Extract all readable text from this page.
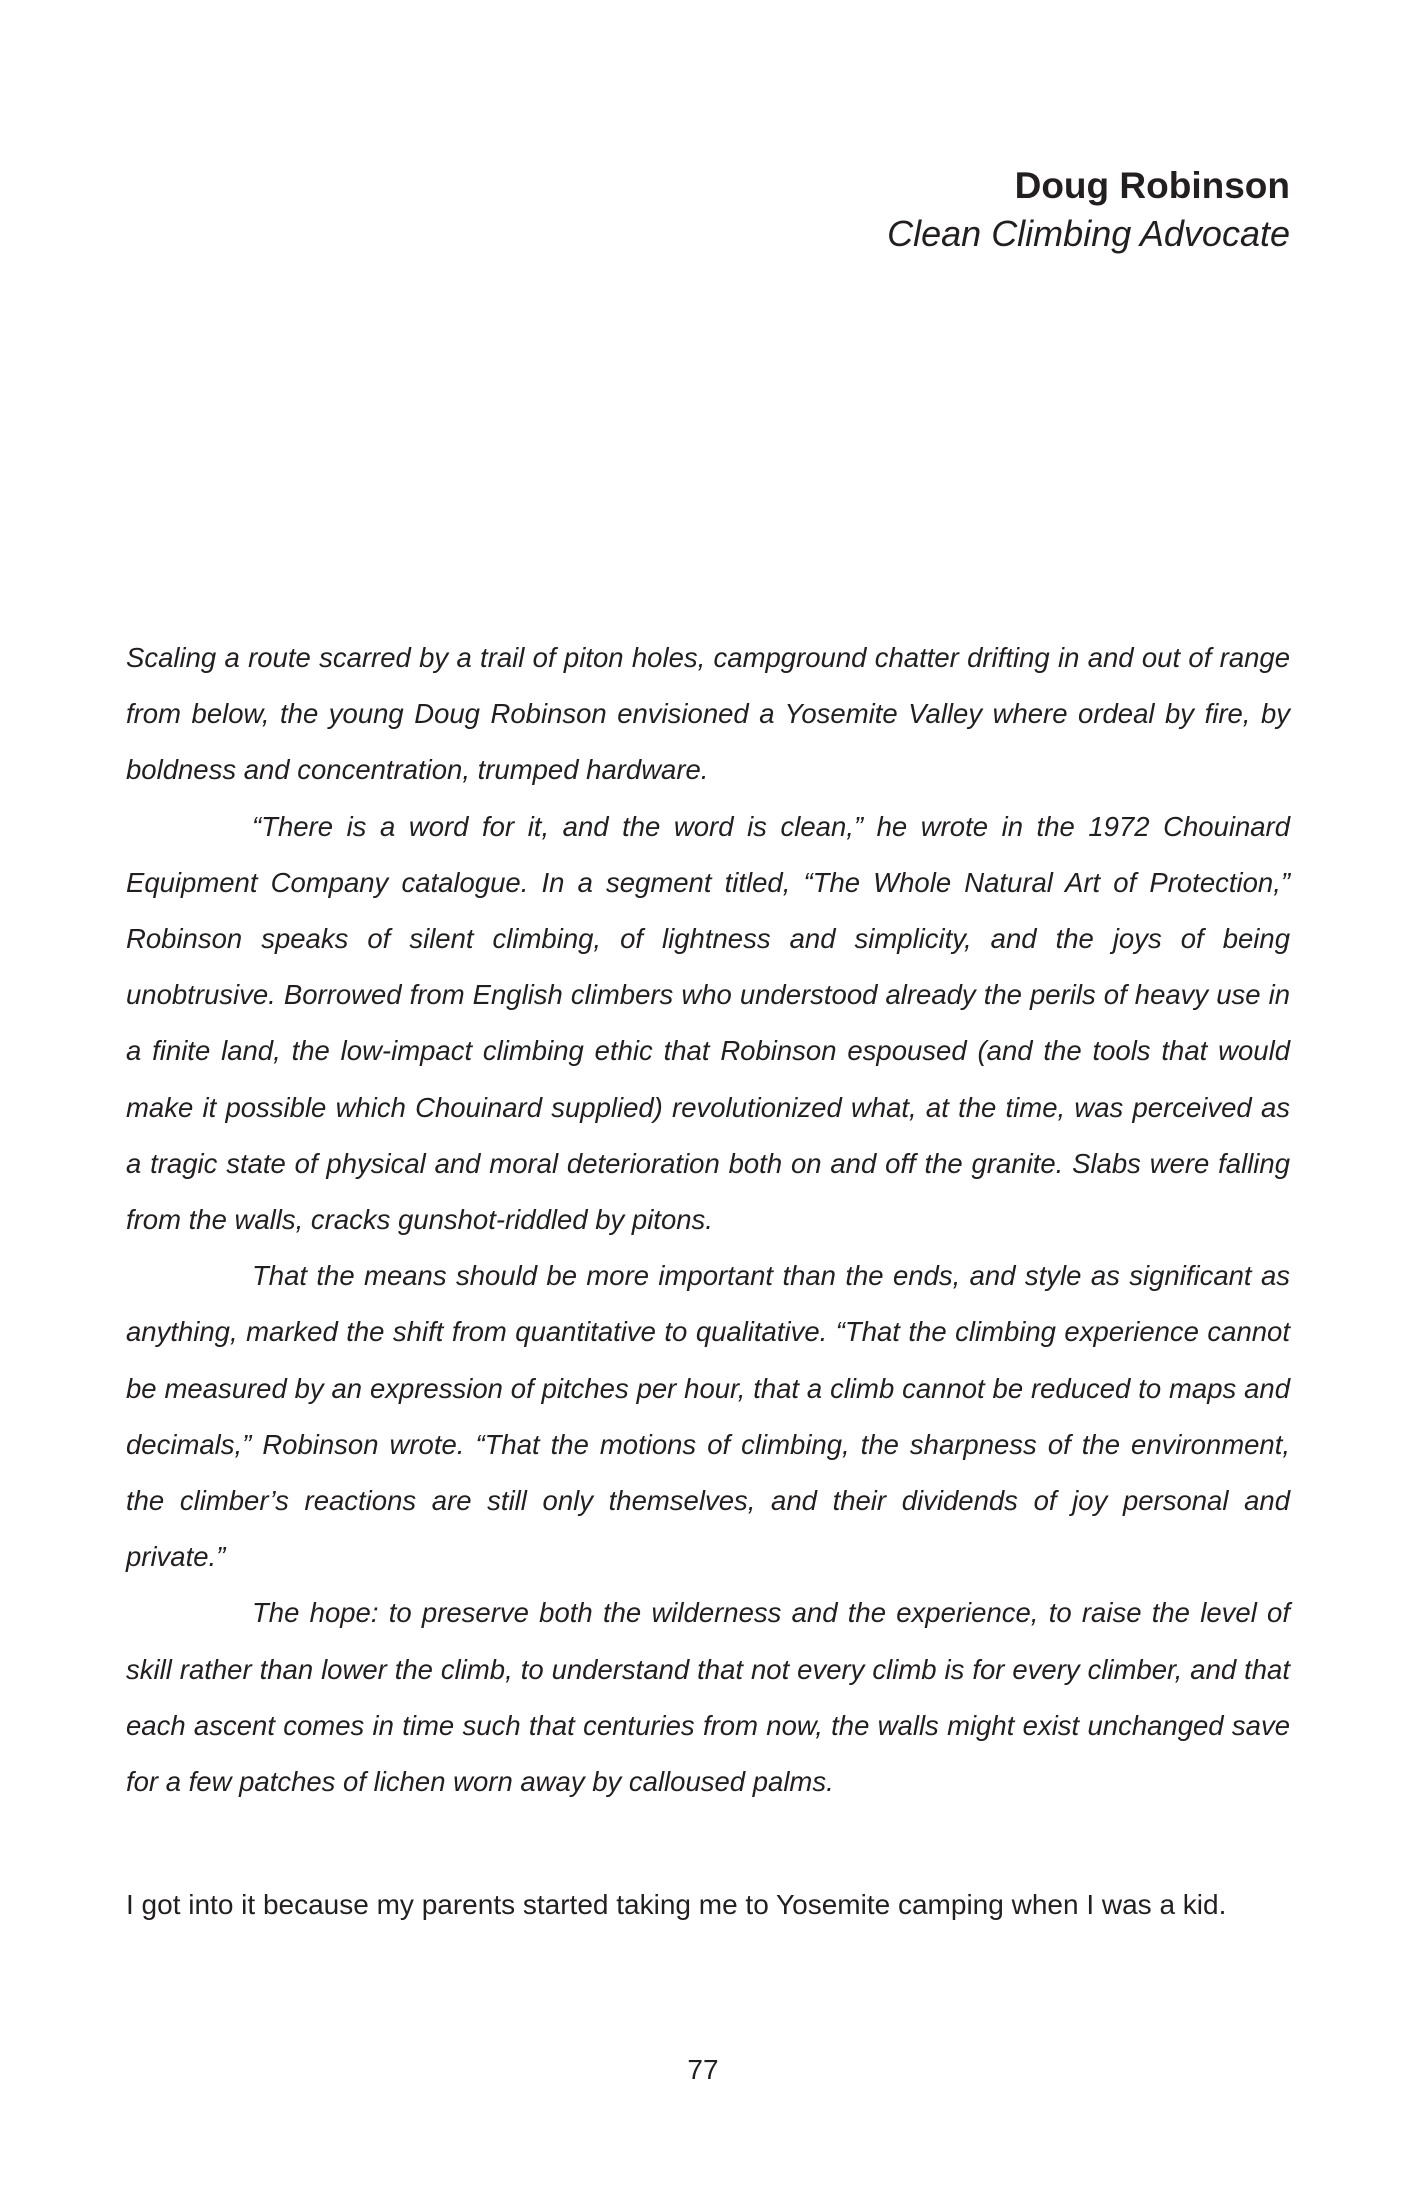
Doug Robinson
Clean Climbing Advocate

Scaling a route scarred by a trail of piton holes, campground chatter drifting in and out of range from below, the young Doug Robinson envisioned a Yosemite Valley where ordeal by fire, by boldness and concentration, trumped hardware.

“There is a word for it, and the word is clean,” he wrote in the 1972 Chouinard Equipment Company catalogue. In a segment titled, “The Whole Natural Art of Protection,” Robinson speaks of silent climbing, of lightness and simplicity, and the joys of being unobtrusive. Borrowed from English climbers who understood already the perils of heavy use in a finite land, the low-impact climbing ethic that Robinson espoused (and the tools that would make it possible which Chouinard supplied) revolutionized what, at the time, was perceived as a tragic state of physical and moral deterioration both on and off the granite. Slabs were falling from the walls, cracks gunshot-riddled by pitons.

That the means should be more important than the ends, and style as significant as anything, marked the shift from quantitative to qualitative. “That the climbing experience cannot be measured by an expression of pitches per hour, that a climb cannot be reduced to maps and decimals,” Robinson wrote. “That the motions of climbing, the sharpness of the environment, the climber’s reactions are still only themselves, and their dividends of joy personal and private.”

The hope: to preserve both the wilderness and the experience, to raise the level of skill rather than lower the climb, to understand that not every climb is for every climber, and that each ascent comes in time such that centuries from now, the walls might exist unchanged save for a few patches of lichen worn away by calloused palms.

I got into it because my parents started taking me to Yosemite camping when I was a kid.
77
